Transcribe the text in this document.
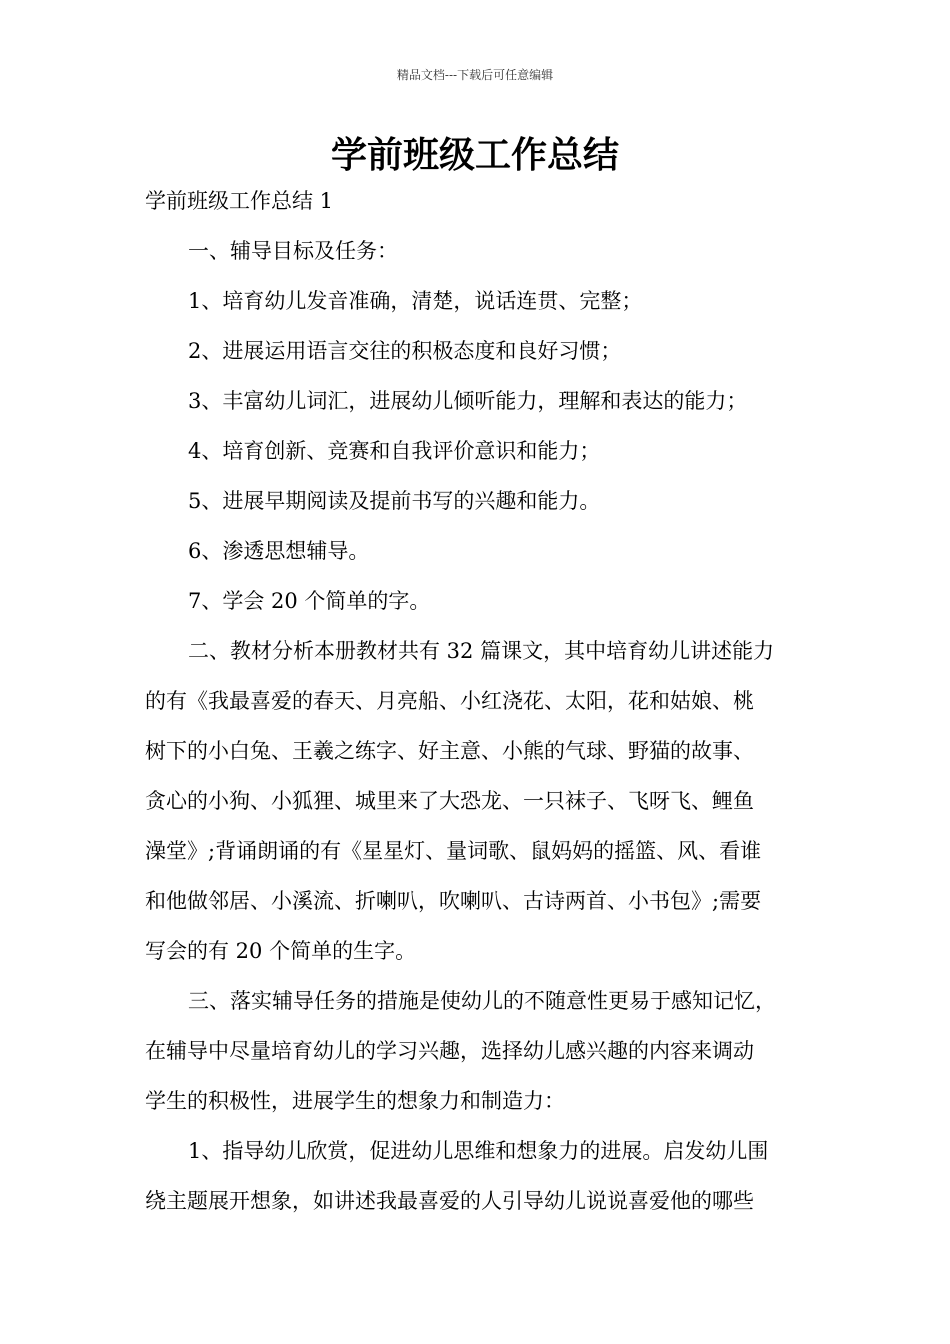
精品文档---下载后可任意编辑
学前班级工作总结
学前班级工作总结 1
一、辅导目标及任务：
1、培育幼儿发音准确，清楚，说话连贯、完整；
2、进展运用语言交往的积极态度和良好习惯；
3、丰富幼儿词汇，进展幼儿倾听能力，理解和表达的能力；
4、培育创新、竞赛和自我评价意识和能力；
5、进展早期阅读及提前书写的兴趣和能力。
6、渗透思想辅导。
7、学会 20 个简单的字。
二、教材分析本册教材共有 32 篇课文，其中培育幼儿讲述能力
的有《我最喜爱的春天、月亮船、小红浇花、太阳，花和姑娘、桃
树下的小白兔、王羲之练字、好主意、小熊的气球、野猫的故事、
贪心的小狗、小狐狸、城里来了大恐龙、一只袜子、飞呀飞、鲤鱼
澡堂》;背诵朗诵的有《星星灯、量词歌、鼠妈妈的摇篮、风、看谁
和他做邻居、小溪流、折喇叭，吹喇叭、古诗两首、小书包》;需要
写会的有 20 个简单的生字。
三、落实辅导任务的措施是使幼儿的不随意性更易于感知记忆，
在辅导中尽量培育幼儿的学习兴趣，选择幼儿感兴趣的内容来调动
学生的积极性，进展学生的想象力和制造力：
1、指导幼儿欣赏，促进幼儿思维和想象力的进展。启发幼儿围
绕主题展开想象，如讲述我最喜爱的人引导幼儿说说喜爱他的哪些
